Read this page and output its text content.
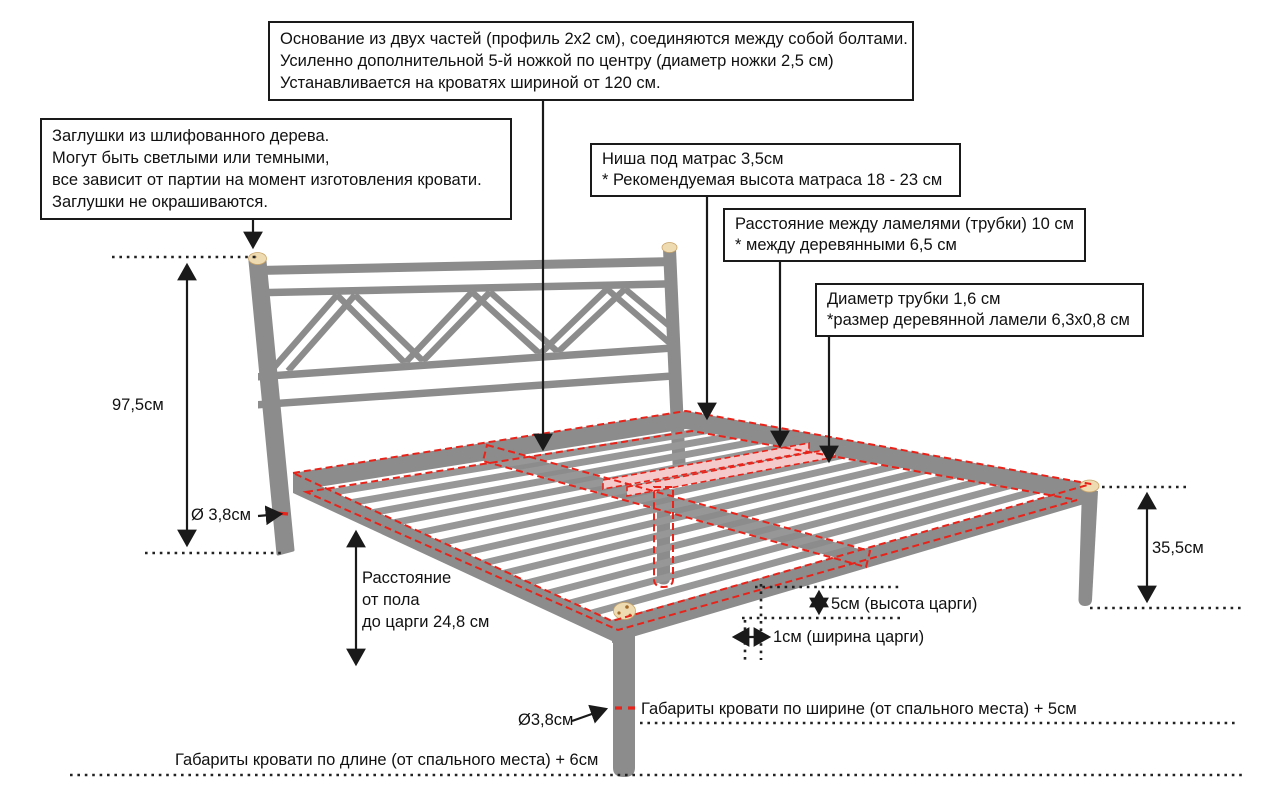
Основание из двух частей (профиль 2х2 см), соединяются между собой болтами.
Усиленно дополнительной 5-й ножкой по центру (диаметр ножки 2,5 см)
Устанавливается на кроватях шириной от 120 см.
Заглушки из шлифованного дерева.
Могут быть светлыми или темными,
все зависит от партии на момент изготовления кровати.
Заглушки не окрашиваются.
Ниша под матрас 3,5см
* Рекомендуемая высота матраса 18 - 23 см
Расстояние между ламелями (трубки) 10 см
* между деревянными 6,5 см
Диаметр трубки 1,6 см
*размер деревянной ламели 6,3х0,8 см
97,5см
Ø 3,8см
Расстояние
от пола
до царги 24,8 см
35,5см
5см (высота царги)
1см (ширина царги)
Ø3,8см
Габариты кровати по ширине (от спального места) + 5см
Габариты кровати по длине (от спального места) + 6см
